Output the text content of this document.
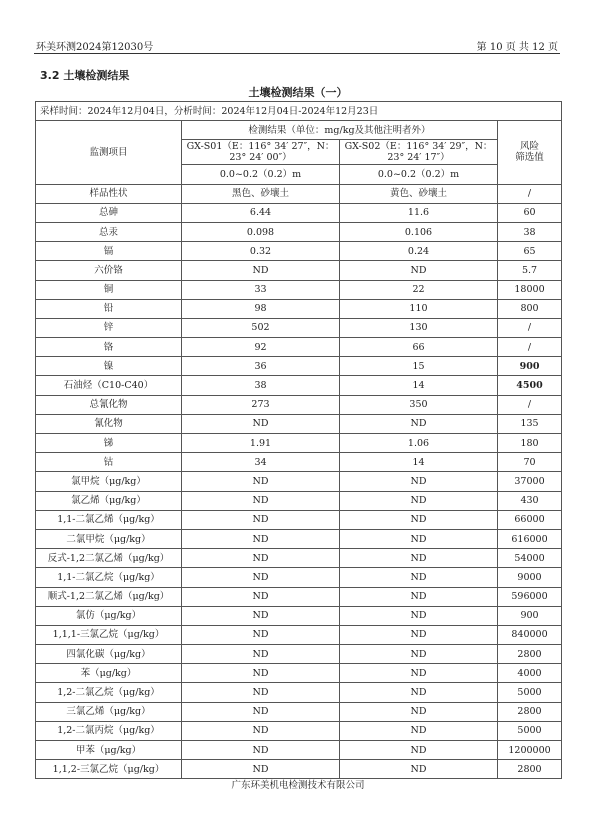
环美环测2024第12030号	第 10 页 共 12 页
3.2 土壤检测结果
土壤检测结果（一）
采样时间：2024年12月04日，分析时间：2024年12月04日-2024年12月23日			
监测项目	检测结果（单位：mg/kg及其他注明者外）		风险
筛选值

	GX-S01（E：116° 34′ 27″，N：23° 24′ 00″）	GX-S02（E：116° 34′ 29″，N：23° 24′ 17″）	
	0.0~0.2（0.2）m	0.0~0.2（0.2）m	
样品性状	黑色、砂壤土	黄色、砂壤土	/
总砷	6.44	11.6	60
总汞	0.098	0.106	38
镉	0.32	0.24	65
六价铬	ND	ND	5.7
铜	33	22	18000
铅	98	110	800
锌	502	130	/
铬	92	66	/
镍	36	15	900
石油烃（C10-C40）	38	14	4500
总氰化物	273	350	/
氰化物	ND	ND	135
锑	1.91	1.06	180
钴	34	14	70
氯甲烷（μg/kg）	ND	ND	37000
氯乙烯（μg/kg）	ND	ND	430
1,1-二氯乙烯（μg/kg）	ND	ND	66000
二氯甲烷（μg/kg）	ND	ND	616000
反式-1,2二氯乙烯（μg/kg）	ND	ND	54000
1,1-二氯乙烷（μg/kg）	ND	ND	9000
顺式-1,2二氯乙烯（μg/kg）	ND	ND	596000
氯仿（μg/kg）	ND	ND	900
1,1,1-三氯乙烷（μg/kg）	ND	ND	840000
四氯化碳（μg/kg）	ND	ND	2800
苯（μg/kg）	ND	ND	4000
1,2-二氯乙烷（μg/kg）	ND	ND	5000
三氯乙烯（μg/kg）	ND	ND	2800
1,2-二氯丙烷（μg/kg）	ND	ND	5000
甲苯（μg/kg）	ND	ND	1200000
1,1,2-三氯乙烷（μg/kg）	ND	ND	2800
广东环美机电检测技术有限公司
